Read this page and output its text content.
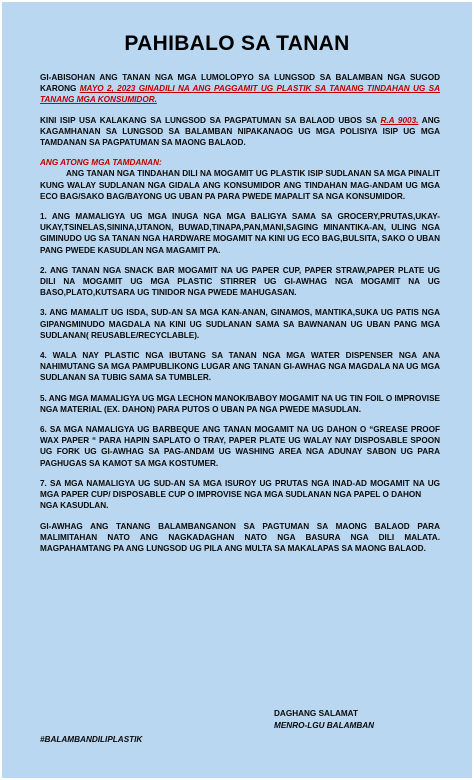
PAHIBALO SA TANAN

GI-ABISOHAN ANG TANAN NGA MGA LUMOLOPYO SA LUNGSOD SA BALAMBAN NGA SUGOD KARONG MAYO 2, 2023 GINADILI NA ANG PAGGAMIT UG PLASTIK SA TANANG TINDAHAN UG SA TANANG MGA KONSUMIDOR.

KINI ISIP USA KALAKANG SA LUNGSOD SA PAGPATUMAN SA BALAOD UBOS SA R.A 9003. ANG KAGAMHANAN SA LUNGSOD SA BALAMBAN NIPAKANAOG UG MGA POLISIYA ISIP UG MGA TAMDANAN SA PAGPATUMAN SA MAONG BALAOD.

ANG ATONG MGA TAMDANAN:

ANG TANAN NGA TINDAHAN DILI NA MOGAMIT UG PLASTIK ISIP SUDLANAN SA MGA PINALIT KUNG WALAY SUDLANAN NGA GIDALA ANG KONSUMIDOR ANG TINDAHAN MAG-ANDAM UG MGA ECO BAG/SAKO BAG/BAYONG UG UBAN PA PARA PWEDE MAPALIT SA NGA KONSUMIDOR.

1. ANG MAMALIGYA UG MGA INUGA NGA MGA BALIGYA SAMA SA GROCERY,PRUTAS,UKAY-UKAY,TSINELAS,SININA,UTANON, BUWAD,TINAPA,PAN,MANI,SAGING MINANTIKA-AN, ULING NGA GIMINUDO UG SA TANAN NGA HARDWARE MOGAMIT NA KINI UG ECO BAG,BULSITA, SAKO O UBAN PANG PWEDE KASUDLAN NGA MAGAMIT PA.

2. ANG TANAN NGA SNACK BAR MOGAMIT NA UG PAPER CUP, PAPER STRAW,PAPER PLATE UG DILI NA MOGAMIT UG MGA PLASTIC STIRRER UG GI-AWHAG NGA MOGAMIT NA UG BASO,PLATO,KUTSARA UG TINIDOR NGA PWEDE MAHUGASAN.

3. ANG MAMALIT UG ISDA, SUD-AN SA MGA KAN-ANAN, GINAMOS, MANTIKA,SUKA UG PATIS NGA GIPANGMINUDO MAGDALA NA KINI UG SUDLANAN SAMA SA BAWNANAN UG UBAN PANG MGA SUDLANAN( REUSABLE/RECYCLABLE).

4. WALA NAY PLASTIC NGA IBUTANG SA TANAN NGA MGA WATER DISPENSER NGA ANA NAHIMUTANG SA MGA PAMPUBLIKONG LUGAR ANG TANAN GI-AWHAG NGA MAGDALA NA UG MGA SUDLANAN SA TUBIG SAMA SA TUMBLER.

5. ANG MGA MAMALIGYA UG MGA LECHON MANOK/BABOY MOGAMIT NA UG TIN FOIL O IMPROVISE NGA MATERIAL (EX. DAHON) PARA PUTOS O UBAN PA NGA PWEDE MASUDLAN.

6. SA MGA NAMALIGYA UG BARBEQUE ANG TANAN MOGAMIT NA UG DAHON O “GREASE PROOF WAX PAPER “ PARA HAPIN SAPLATO O TRAY, PAPER PLATE UG WALAY NAY DISPOSABLE SPOON UG FORK UG GI-AWHAG SA PAG-ANDAM UG WASHING AREA NGA ADUNAY SABON UG PARA PAGHUGAS SA KAMOT SA MGA KOSTUMER.

7. SA MGA NAMALIGYA UG SUD-AN SA MGA ISUROY UG PRUTAS NGA INAD-AD MOGAMIT NA UG MGA PAPER CUP/ DISPOSABLE CUP O IMPROVISE NGA MGA SUDLANAN NGA PAPEL O DAHON

NGA KASUDLAN.

GI-AWHAG ANG TANANG BALAMBANGANON SA PAGTUMAN SA MAONG BALAOD PARA MALIMITAHAN NATO ANG NAGKADAGHAN NATO NGA BASURA NGA DILI MALATA. MAGPAHAMTANG PA ANG LUNGSOD UG PILA ANG MULTA SA MAKALAPAS SA MAONG BALAOD.

DAGHANG SALAMAT
MENRO-LGU BALAMBAN
#BALAMBANDILIPLASTIK
